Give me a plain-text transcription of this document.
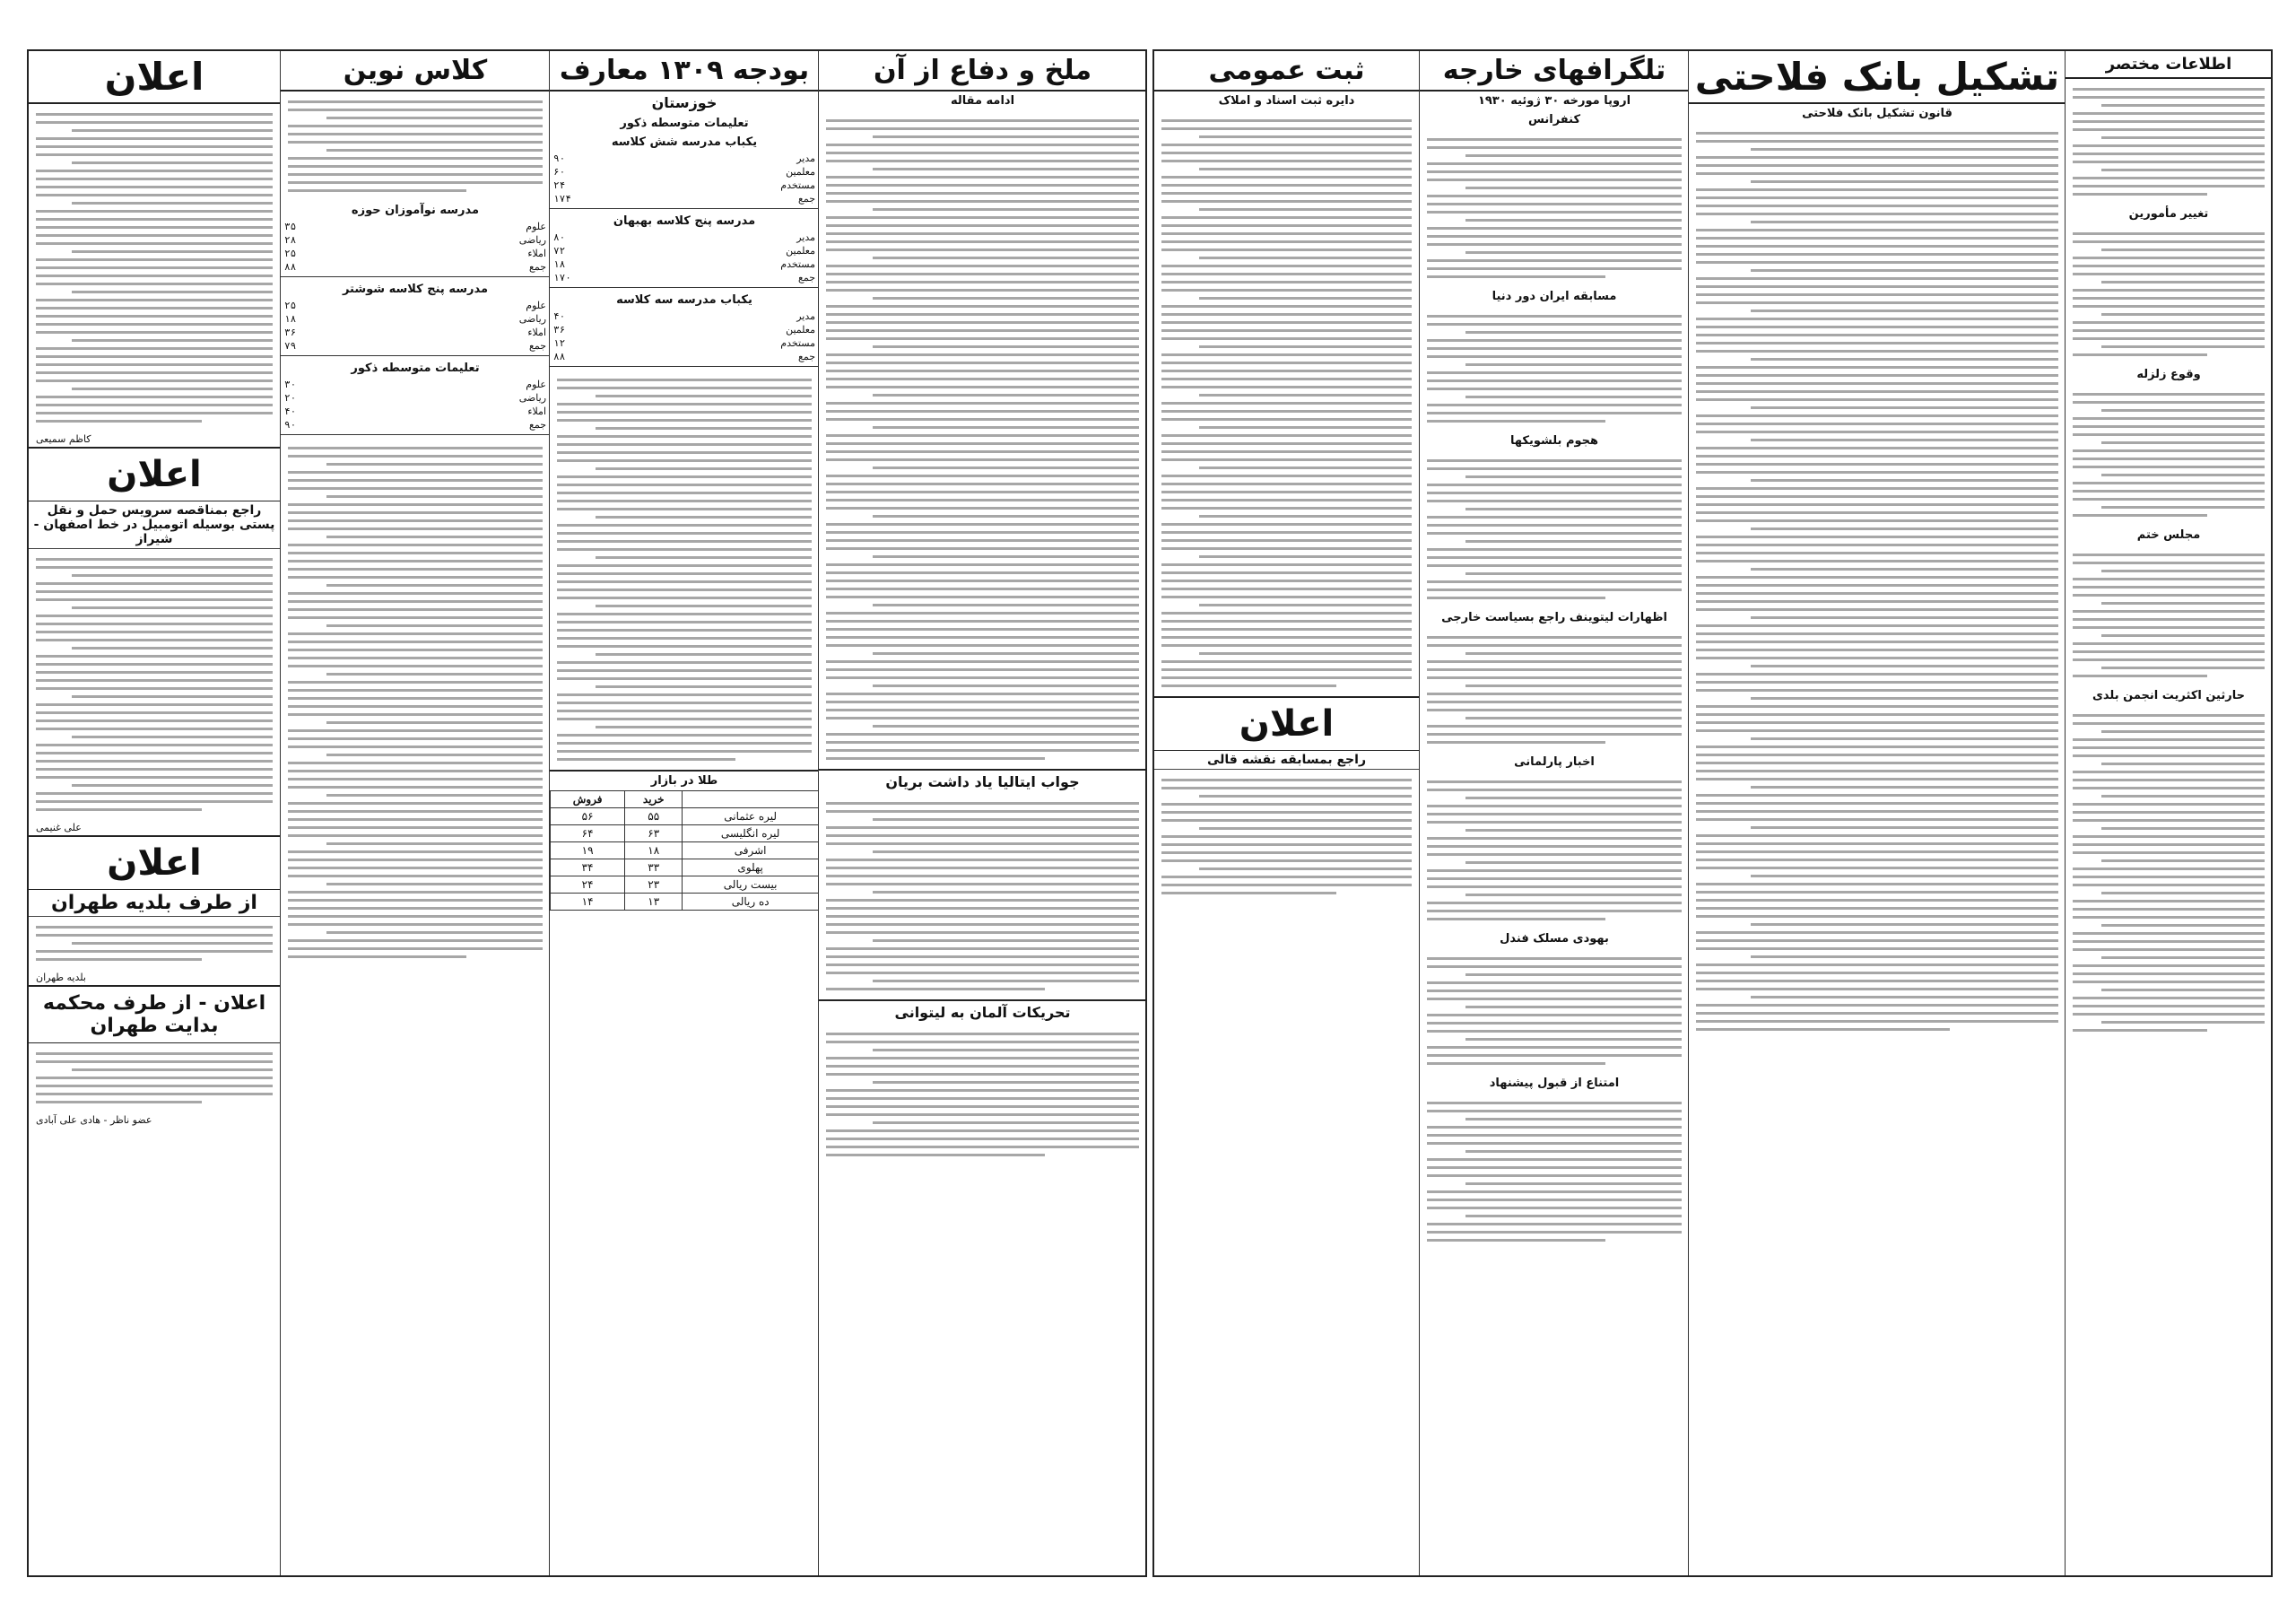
اعلان
کاظم سمیعی
اعلان
راجع بمناقصه سرویس حمل و نقل پستی بوسیله اتومبیل در خط اصفهان - شیراز
علی غنیمی
اعلان
از طرف بلدیه طهران
بلدیه طهران
اعلان - از طرف محکمه بدایت طهران
عضو ناظر - هادی علی آبادی
کلاس نوین
مدرسه نوآموزان حوزه
علوم	۳۵
ریاضی	۲۸
املاء	۲۵
جمع	۸۸
مدرسه پنج کلاسه شوشتر
علوم	۲۵
ریاضی	۱۸
املاء	۳۶
جمع	۷۹
تعلیمات متوسطه ذکور
علوم	۳۰
ریاضی	۲۰
املاء	۴۰
جمع	۹۰
بودجه ۱۳۰۹ معارف
خوزستان
تعلیمات متوسطه ذکور
یکباب مدرسه شش کلاسه
مدیر	۹۰
معلمین	۶۰
مستخدم	۲۴
جمع	۱۷۴
مدرسه پنج کلاسه بهبهان
مدیر	۸۰
معلمین	۷۲
مستخدم	۱۸
جمع	۱۷۰
یکباب مدرسه سه کلاسه
مدیر	۴۰
معلمین	۳۶
مستخدم	۱۲
جمع	۸۸
طلا در بازار
	خرید	فروش
لیره عثمانی	۵۵	۵۶
لیره انگلیسی	۶۳	۶۴
اشرفی	۱۸	۱۹
پهلوی	۳۳	۳۴
بیست ریالی	۲۳	۲۴
ده ریالی	۱۳	۱۴
ملخ و دفاع از آن
ادامه مقاله
جواب ایتالیا یاد داشت بریان
تحریکات آلمان به لیتوانی
ثبت عمومی
دایره ثبت اسناد و املاک
اعلان
راجع بمسابقه نقشه قالی
تلگرافهای خارجه
اروپا مورخه ۳۰ ژوئیه ۱۹۳۰
کنفرانس
مسابقه ایران دور دنیا
هجوم بلشویکها
اظهارات لیتوینف راجع بسیاست خارجی
اخبار پارلمانی
بهودی مسلک فندل
امتناع از قبول پیشنهاد
تشکیل بانک فلاحتی
قانون تشکیل بانک فلاحتی
اطلاعات مختصر
تغییر مأمورین
وقوع زلزله
مجلس ختم
حارثین اکثریت انجمن بلدی
